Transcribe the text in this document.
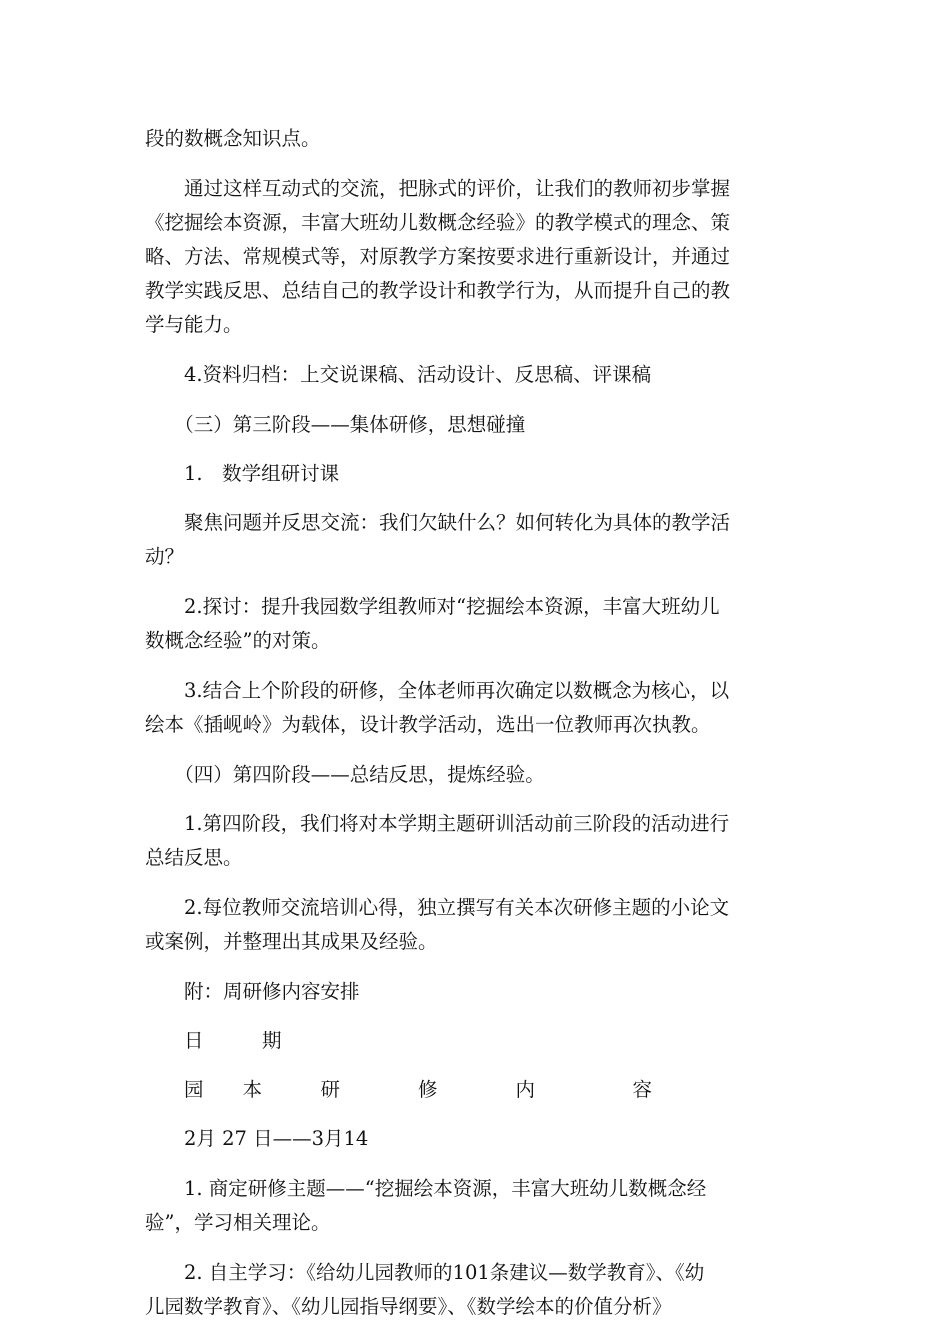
段的数概念知识点。
　　通过这样互动式的交流，把脉式的评价，让我们的教师初步掌握
《挖掘绘本资源，丰富大班幼儿数概念经验》的教学模式的理念、策
略、方法、常规模式等，对原教学方案按要求进行重新设计，并通过
教学实践反思、总结自己的教学设计和教学行为，从而提升自己的教
学与能力。
　　4.资料归档：上交说课稿、活动设计、反思稿、评课稿
　　（三）第三阶段——集体研修，思想碰撞
　　1.　数学组研讨课
　　聚焦问题并反思交流：我们欠缺什么？如何转化为具体的教学活
动？
　　2.探讨：提升我园数学组教师对“挖掘绘本资源，丰富大班幼儿
数概念经验”的对策。
　　3.结合上个阶段的研修，全体老师再次确定以数概念为核心，以
绘本《插岘岭》为载体，设计教学活动，选出一位教师再次执教。
　　（四）第四阶段——总结反思，提炼经验。
　　1.第四阶段，我们将对本学期主题研训活动前三阶段的活动进行
总结反思。
　　2.每位教师交流培训心得，独立撰写有关本次研修主题的小论文
或案例，并整理出其成果及经验。
　　附：周研修内容安排
　　日　　　期
　　园　　本　　　研　　　　修　　　　内　　　　　容
　　2月 27 日——3月14
　　1. 商定研修主题——“挖掘绘本资源，丰富大班幼儿数概念经
验”，学习相关理论。
　　2. 自主学习：《给幼儿园教师的101条建议—数学教育》、《幼
儿园数学教育》、《幼儿园指导纲要》、《数学绘本的价值分析》
